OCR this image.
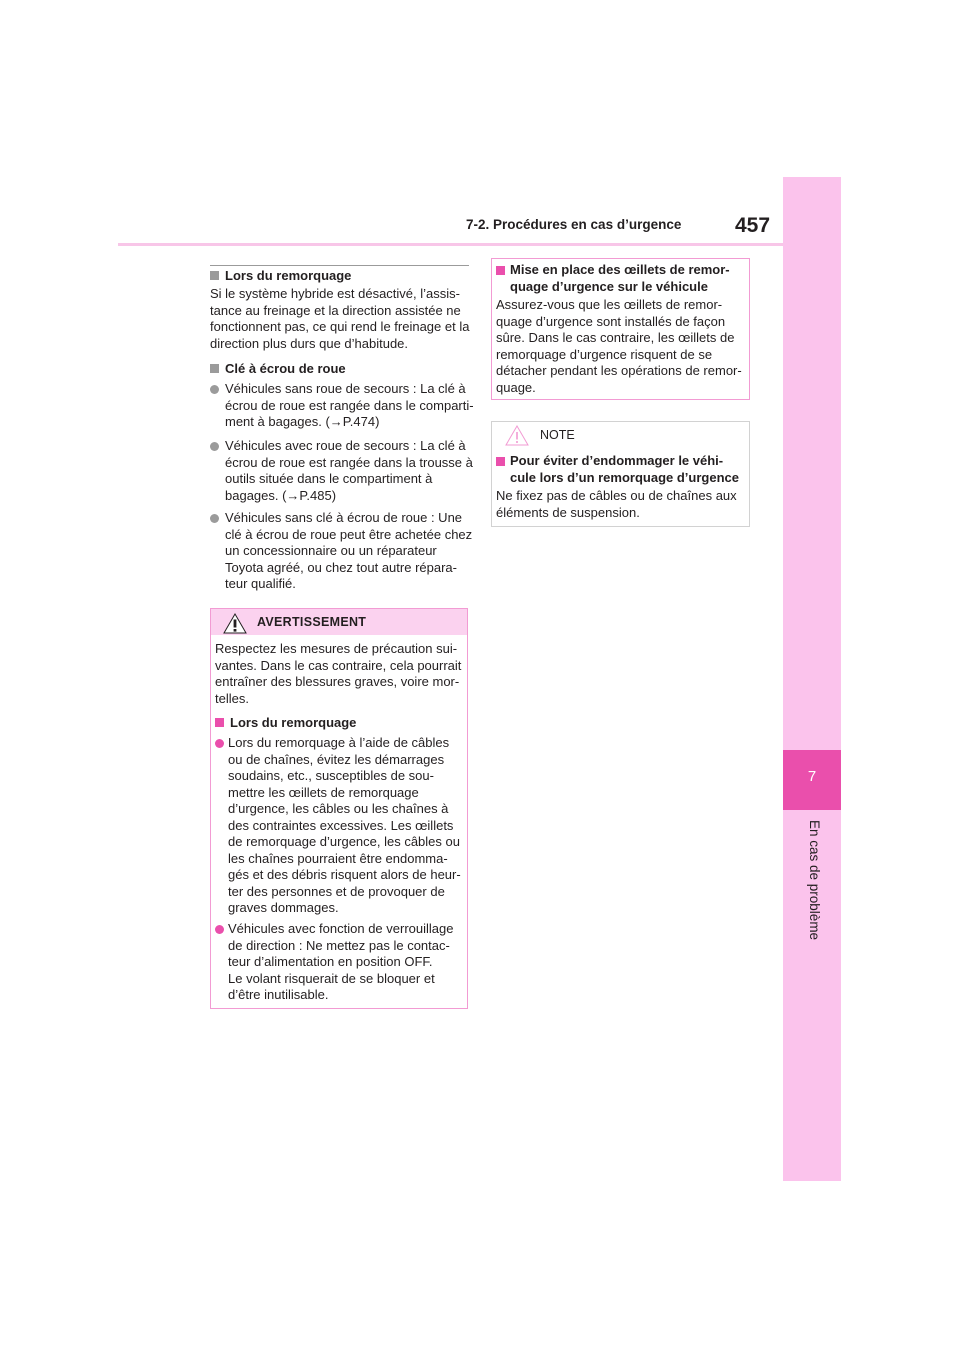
7-2. Procédures en cas d’urgence	457
7
En cas de problème
Lors du remorquage
Si le système hybride est désactivé, l’assis-
tance au freinage et la direction assistée ne
fonctionnent pas, ce qui rend le freinage et la
direction plus durs que d’habitude.
Clé à écrou de roue
Véhicules sans roue de secours : La clé à
écrou de roue est rangée dans le comparti-
ment à bagages. (→P.474)
Véhicules avec roue de secours : La clé à
écrou de roue est rangée dans la trousse à
outils située dans le compartiment à
bagages. (→P.485)
Véhicules sans clé à écrou de roue : Une
clé à écrou de roue peut être achetée chez
un concessionnaire ou un réparateur
Toyota agréé, ou chez tout autre répara-
teur qualifié.
AVERTISSEMENT
Respectez les mesures de précaution sui-
vantes. Dans le cas contraire, cela pourrait
entraîner des blessures graves, voire mor-
telles.
Lors du remorquage
Lors du remorquage à l’aide de câbles
ou de chaînes, évitez les démarrages
soudains, etc., susceptibles de sou-
mettre les œillets de remorquage
d’urgence, les câbles ou les chaînes à
des contraintes excessives. Les œillets
de remorquage d’urgence, les câbles ou
les chaînes pourraient être endomma-
gés et des débris risquent alors de heur-
ter des personnes et de provoquer de
graves dommages.
Véhicules avec fonction de verrouillage
de direction : Ne mettez pas le contac-
teur d’alimentation en position OFF.
Le volant risquerait de se bloquer et
d’être inutilisable.
Mise en place des œillets de remor-
quage d’urgence sur le véhicule
Assurez-vous que les œillets de remor-
quage d’urgence sont installés de façon
sûre. Dans le cas contraire, les œillets de
remorquage d’urgence risquent de se
détacher pendant les opérations de remor-
quage.
NOTE
Pour éviter d’endommager le véhi-
cule lors d’un remorquage d’urgence
Ne fixez pas de câbles ou de chaînes aux
éléments de suspension.
